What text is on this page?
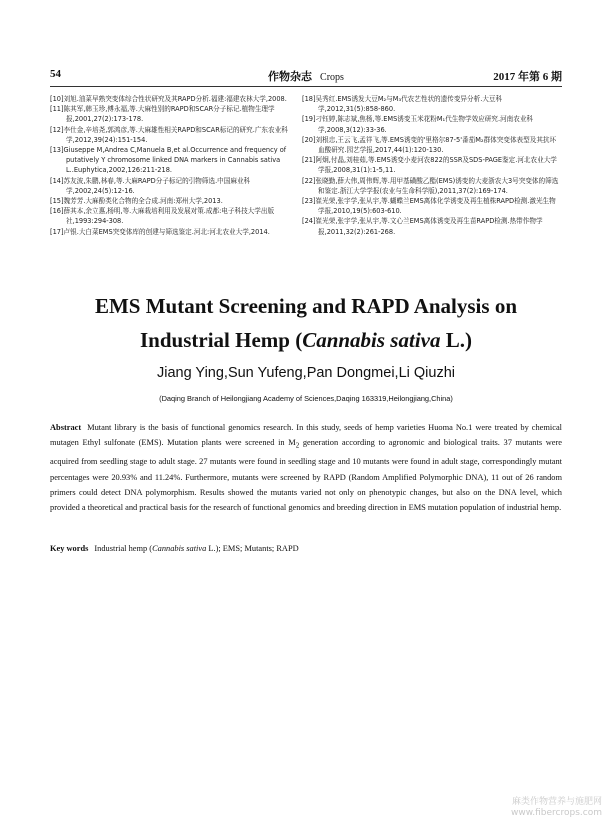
54	作物杂志 Crops	2017 年第 6 期
[10]刘旭.油菜早熟突变体综合性状研究及其RAPD分析.福建:福建农林大学,2008.
[11]陈其军,韩玉珍,傅永福,等.大麻性别的RAPD和SCAR分子标记.植物生理学报,2001,27(2):173-178.
[12]李仕金,辛培尧,郭鸿彦,等.大麻雄性相关RAPD和SCAR标记的研究.广东农业科学,2012,39(24):151-154.
[13]Giuseppe M,Andrea C,Manuela B,et al.Occurrence and frequency of putatively Y chromosome linked DNA markers in Cannabis sativa L..Euphytica,2002,126:211-218.
[14]苏友波,朱鹏,林春,等.大麻RAPD分子标记的引物筛选.中国麻业科学,2002,24(5):12-16.
[15]魏芳芳.大麻酚类化合物的全合成.河南:郑州大学,2013.
[16]薛其本,余立惠,杨明,等.大麻栽培利用及发展对策.成都:电子科技大学出版社,1993:294-308.
[17]卢银.大白菜EMS突变体库的创建与筛选鉴定.河北:河北农业大学,2014.
[18]吴秀红.EMS诱发大豆M₂与M₃代农艺性状的遗传变异分析.大豆科学,2012,31(5):858-860.
[19]刁钰婷,陈志斌,焦杨,等.EMS诱变玉米花粉M₁代生物学效应研究.河南农业科学,2008,3(12):33-36.
[20]刘根忠,王云飞,孟祥飞,等.EMS诱变的'里格尔87-5'番茄M₂群体突变体表型及其抗坏血酸研究.园艺学报,2017,44(1):120-130.
[21]阿炯,付晶,刘桂茹,等.EMS诱变小麦河农822的SSR及SDS-PAGE鉴定.河北农业大学学报,2008,31(1):1-5,11.
[22]张晓勤,薛大伟,周伟辉,等.用甲基磺酸乙酯(EMS)诱变的大麦浙农大3号突变体的筛选和鉴定.浙江大学学报(农业与生命科学版),2011,37(2):169-174.
[23]崔光荣,张宇学,张从宇,等.蝴蝶兰EMS离体化学诱变及再生植株RAPD检测.激光生物学报,2010,19(5):603-610.
[24]崔光荣,张宇学,张从宇,等.文心兰EMS离体诱变及再生苗RAPD检测.热带作物学报,2011,32(2):261-268.
EMS Mutant Screening and RAPD Analysis on
Industrial Hemp (Cannabis sativa L.)
Jiang Ying,Sun Yufeng,Pan Dongmei,Li Qiuzhi
(Daqing Branch of Heilongjiang Academy of Sciences,Daqing 163319,Heilongjiang,China)

Abstract Mutant library is the basis of functional genomics research. In this study, seeds of hemp varieties Huoma No.1 were treated by chemical mutagen Ethyl sulfonate (EMS). Mutation plants were screened in $M_2$ generation according to agronomic and biological traits. 37 mutants were acquired from seedling stage to adult stage. 27 mutants were found in seedling stage and 10 mutants were found in adult stage, correspondingly mutant percentages were 20.93% and 11.24%. Furthermore, mutants were screened by RAPD (Random Amplified Polymorphic DNA), 11 out of 26 random primers could detect DNA polymorphism. Results showed the mutants varied not only on phenotypic changes, but also on the DNA level, which provided a theoretical and practical basis for the research of functional genomics and breeding direction in EMS mutation population of industrial hemp.

Key words Industrial hemp (Cannabis sativa L.); EMS; Mutants; RAPD

麻类作物营养与施肥网
www.fibercrops.com
